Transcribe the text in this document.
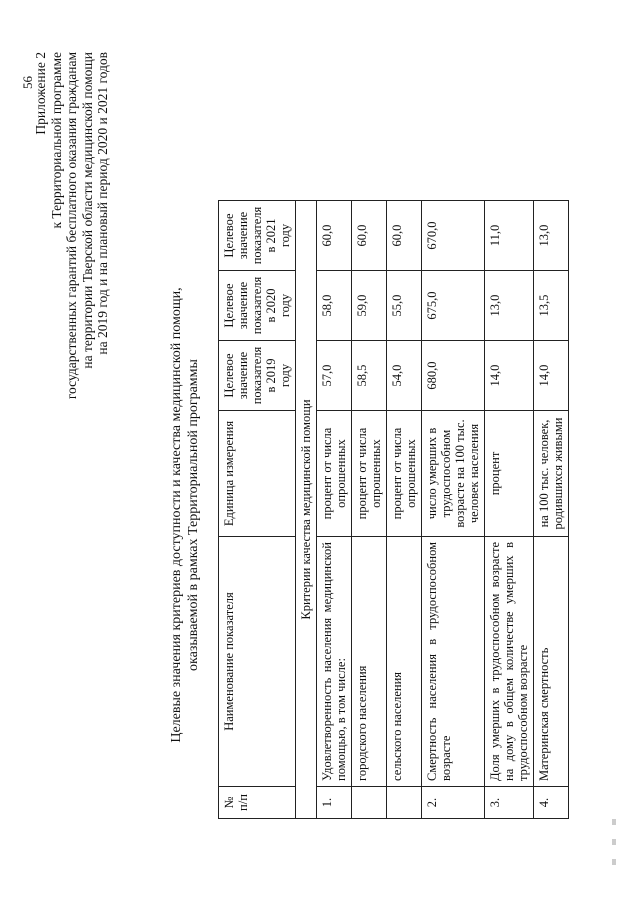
56
Приложение 2 к Территориальной программе государственных гарантий бесплатного оказания гражданам на территории Тверской области медицинской помощи на 2019 год и на плановый период 2020 и 2021 годов
Целевые значения критериев доступности и качества медицинской помощи, оказываемой в рамках Территориальной программы
№ п/п	Наименование показателя	Единица измерения	Целевое значение показателя в 2019 году	Целевое значение показателя в 2020 году	Целевое значение показателя в 2021 году
Критерии качества медицинской помощи					
1.	Удовлетворенность населения медицинской помощью, в том числе:	процент от числа опрошенных	57,0	58,0	60,0
	городского населения	процент от числа опрошенных	58,5	59,0	60,0
	сельского населения	процент от числа опрошенных	54,0	55,0	60,0
2.	Смертность населения в трудоспособном возрасте	число умерших в трудоспособном возрасте на 100 тыс. человек населения	680,0	675,0	670,0
3.	Доля умерших в трудоспособном возрасте на дому в общем количестве умерших в трудоспособном возрасте	процент	14,0	13,0	11,0
4.	Материнская смертность	на 100 тыс. человек, родившихся живыми	14,0	13,5	13,0
